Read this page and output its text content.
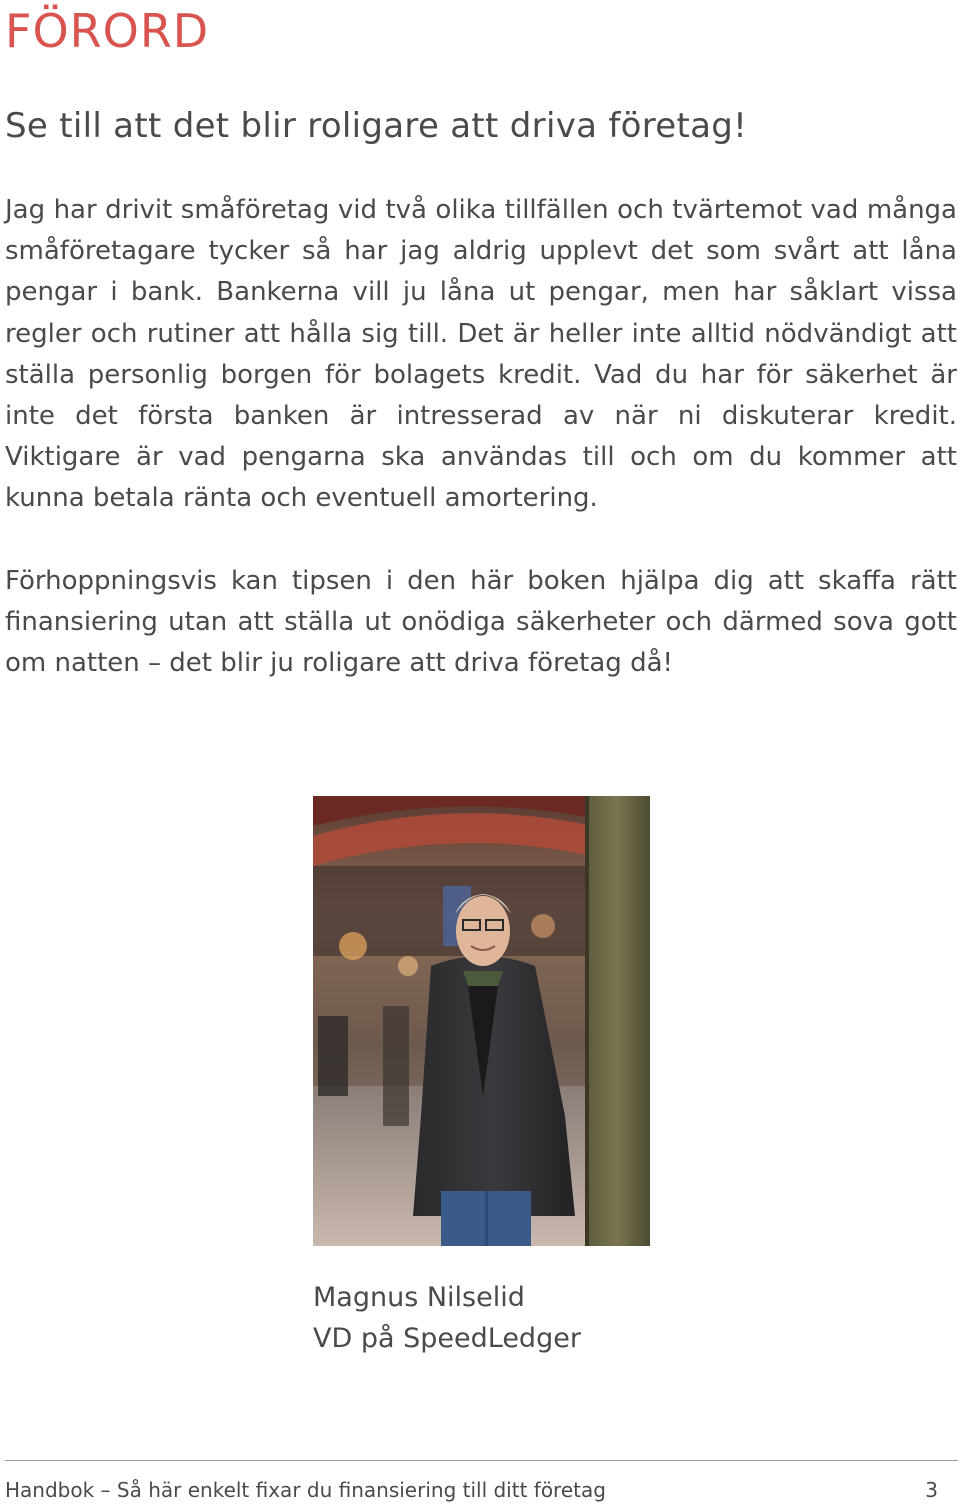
FÖRORD
Se till att det blir roligare att driva företag!

Jag har drivit småföretag vid två olika tillfällen och tvärtemot vad många småföretagare tycker så har jag aldrig upplevt det som svårt att låna pengar i bank. Bankerna vill ju låna ut pengar, men har såklart vissa regler och rutiner att hålla sig till. Det är heller inte alltid nödvändigt att ställa personlig borgen för bolagets kredit. Vad du har för säkerhet är inte det första banken är intresserad av när ni diskuterar kredit. Viktigare är vad pengarna ska användas till och om du kommer att kunna betala ränta och eventuell amortering.

Förhoppningsvis kan tipsen i den här boken hjälpa dig att skaffa rätt finansiering utan att ställa ut onödiga säkerheter och därmed sova gott om natten – det blir ju roligare att driva företag då!

Magnus Nilselid
VD på SpeedLedger
Handbok – Så här enkelt fixar du finansiering till ditt företag	3
